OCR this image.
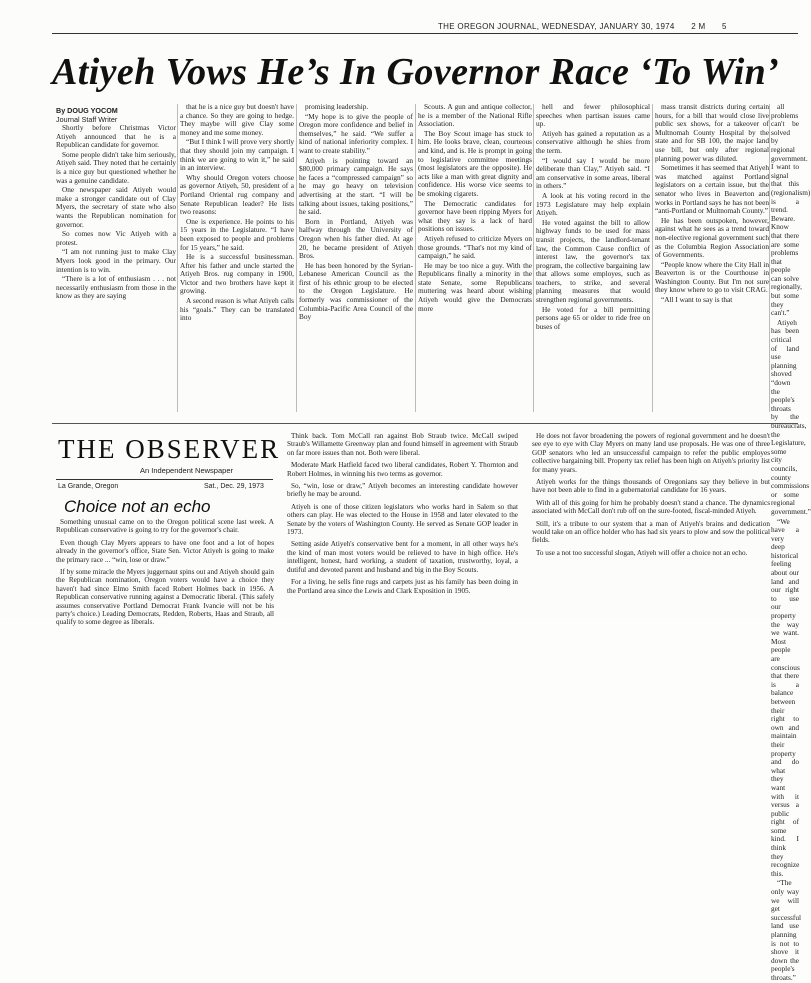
THE OREGON JOURNAL, WEDNESDAY, JANUARY 30, 1974 2 M 5
Atiyeh Vows He’s In Governor Race ‘To Win’
By DOUG YOCOM
Journal Staff Writer

Shortly before Christmas Victor Atiyeh announced that he is a Republican candidate for governor.

Some people didn't take him seriously, Atiyeh said. They noted that he certainly is a nice guy but questioned whether he was a genuine candidate.

One newspaper said Atiyeh would make a stronger candidate out of Clay Myers, the secretary of state who also wants the Republican nomination for governor.

So comes now Vic Atiyeh with a protest.

“I am not running just to make Clay Myers look good in the primary. Our intention is to win.

“There is a lot of enthusiasm . . . not necessarily enthusiasm from those in the know as they are saying

that he is a nice guy but doesn't have a chance. So they are going to hedge. They maybe will give Clay some money and me some money.

“But I think I will prove very shortly that they should join my campaign. I think we are going to win it,” he said in an interview.

Why should Oregon voters choose as governor Atiyeh, 50, president of a Portland Oriental rug company and Senate Republican leader? He lists two reasons:

One is experience. He points to his 15 years in the Legislature. “I have been exposed to people and problems for 15 years,” he said.

He is a successful businessman. After his father and uncle started the Atiyeh Bros. rug company in 1900, Victor and two brothers have kept it growing.

A second reason is what Atiyeh calls his “goals.” They can be translated into

promising leadership.

“My hope is to give the people of Oregon more confidence and belief in themselves,” he said. “We suffer a kind of national inferiority complex. I want to create stability.”

Atiyeh is pointing toward an $80,000 primary campaign. He says he faces a “compressed campaign” so he may go heavy on television advertising at the start. “I will be talking about issues, taking positions,” he said.

Born in Portland, Atiyeh was halfway through the University of Oregon when his father died. At age 20, he became president of Atiyeh Bros.

He has been honored by the Syrian-Lebanese American Council as the first of his ethnic group to be elected to the Oregon Legislature. He formerly was commissioner of the Columbia-Pacific Area Council of the Boy

Scouts. A gun and antique collector, he is a member of the National Rifle Association.

The Boy Scout image has stuck to him. He looks brave, clean, courteous and kind, and is. He is prompt in going to legislative committee meetings (most legislators are the opposite). He acts like a man with great dignity and confidence. His worse vice seems to be smoking cigarets.

The Democratic candidates for governor have been ripping Myers for what they say is a lack of hard positions on issues.

Atiyeh refused to criticize Myers on those grounds. “That's not my kind of campaign,” he said.

He may be too nice a guy. With the Republicans finally a minority in the state Senate, some Republicans muttering was heard about wishing Atiyeh would give the Democrats more

hell and fewer philosophical speeches when partisan issues came up.

Atiyeh has gained a reputation as a conservative although he shies from the term.

“I would say I would be more deliberate than Clay,” Atiyeh said. “I am conservative in some areas, liberal in others.”

A look at his voting record in the 1973 Legislature may help explain Atiyeh.

He voted against the bill to allow highway funds to be used for mass transit projects, the landlord-tenant law, the Common Cause conflict of interest law, the governor's tax program, the collective bargaining law that allows some employes, such as teachers, to strike, and several planning measures that would strengthen regional governments.

He voted for a bill permitting persons age 65 or older to ride free on buses of

mass transit districts during certain hours, for a bill that would close live public sex shows, for a takeover of Multnomah County Hospital by the state and for SB 100, the major land use bill, but only after regional planning power was diluted.

Sometimes it has seemed that Atiyeh was matched against Portland legislators on a certain issue, but the senator who lives in Beaverton and works in Portland says he has not been “anti-Portland or Multnomah County.”

He has been outspoken, however, against what he sees as a trend toward non-elective regional government such as the Columbia Region Association of Governments.

“People know where the City Hall in Beaverton is or the Courthouse in Washington County. But I'm not sure they know where to go to visit CRAG.

“All I want to say is that

all problems can't be solved by regional government. I want to signal that this (regionalism) is a trend. Beware. Know that there are some problems that people can solve regionally, but some they can't.”

Atiyeh has been critical of land use planning shoved “down the people's throats by the bureaucrats, the Legislature, some city councils, county commissions or some regional government.”

“We have a very deep historical feeling about our land and our right to use our property the way we want. Most people are conscious that there is a balance between their right to own and maintain their property and do what they want with it versus a public right of some kind. I think they recognize this.

“The only way we will get successful land use planning is not to shove it down the people's throats.”

THE OBSERVER
An Independent Newspaper
La Grande, Oregon	Sat., Dec. 29, 1973
Choice not an echo

Something unusual came on to the Oregon political scene last week. A Republican conservative is going to try for the governor's chair.

Even though Clay Myers appears to have one foot and a lot of hopes already in the governor's office, State Sen. Victor Atiyeh is going to make the primary race ... “win, lose or draw.”

If by some miracle the Myers juggernaut spins out and Atiyeh should gain the Republican nomination, Oregon voters would have a choice they haven't had since Elmo Smith faced Robert Holmes back in 1956. A Republican conservative running against a Democratic liberal. (This safely assumes conservative Portland Democrat Frank Ivancie will not be his party's choice.) Leading Democrats, Redden, Roberts, Haas and Straub, all qualify to some degree as liberals.

Think back. Tom McCall ran against Bob Straub twice. McCall swiped Straub's Willamette Greenway plan and found himself in agreement with Straub on far more issues than not. Both were liberal.

Moderate Mark Hatfield faced two liberal candidates, Robert Y. Thornton and Robert Holmes, in winning his two terms as governor.

So, “win, lose or draw,” Atiyeh becomes an interesting candidate however briefly he may be around.

Atiyeh is one of those citizen legislators who works hard in Salem so that others can play. He was elected to the House in 1958 and later elevated to the Senate by the voters of Washington County. He served as Senate GOP leader in 1973.

Setting aside Atiyeh's conservative bent for a moment, in all other ways he's the kind of man most voters would be relieved to have in high office. He's intelligent, honest, hard working, a student of taxation, trustworthy, loyal, a dutiful and devoted parent and husband and big in the Boy Scouts.

For a living, he sells fine rugs and carpets just as his family has been doing in the Portland area since the Lewis and Clark Exposition in 1905.

He does not favor broadening the powers of regional government and he doesn't see eye to eye with Clay Myers on many land use proposals. He was one of three GOP senators who led an unsuccessful campaign to refer the public employes collective bargaining bill. Property tax relief has been high on Atiyeh's priority list for many years.

Atiyeh works for the things thousands of Oregonians say they believe in but have not been able to find in a gubernatorial candidate for 16 years.

With all of this going for him he probably doesn't stand a chance. The dynamics associated with McCall don't rub off on the sure-footed, fiscal-minded Atiyeh.

Still, it's a tribute to our system that a man of Atiyeh's brains and dedication would take on an office holder who has had six years to plow and sow the political fields.

To use a not too successful slogan, Atiyeh will offer a choice not an echo.
